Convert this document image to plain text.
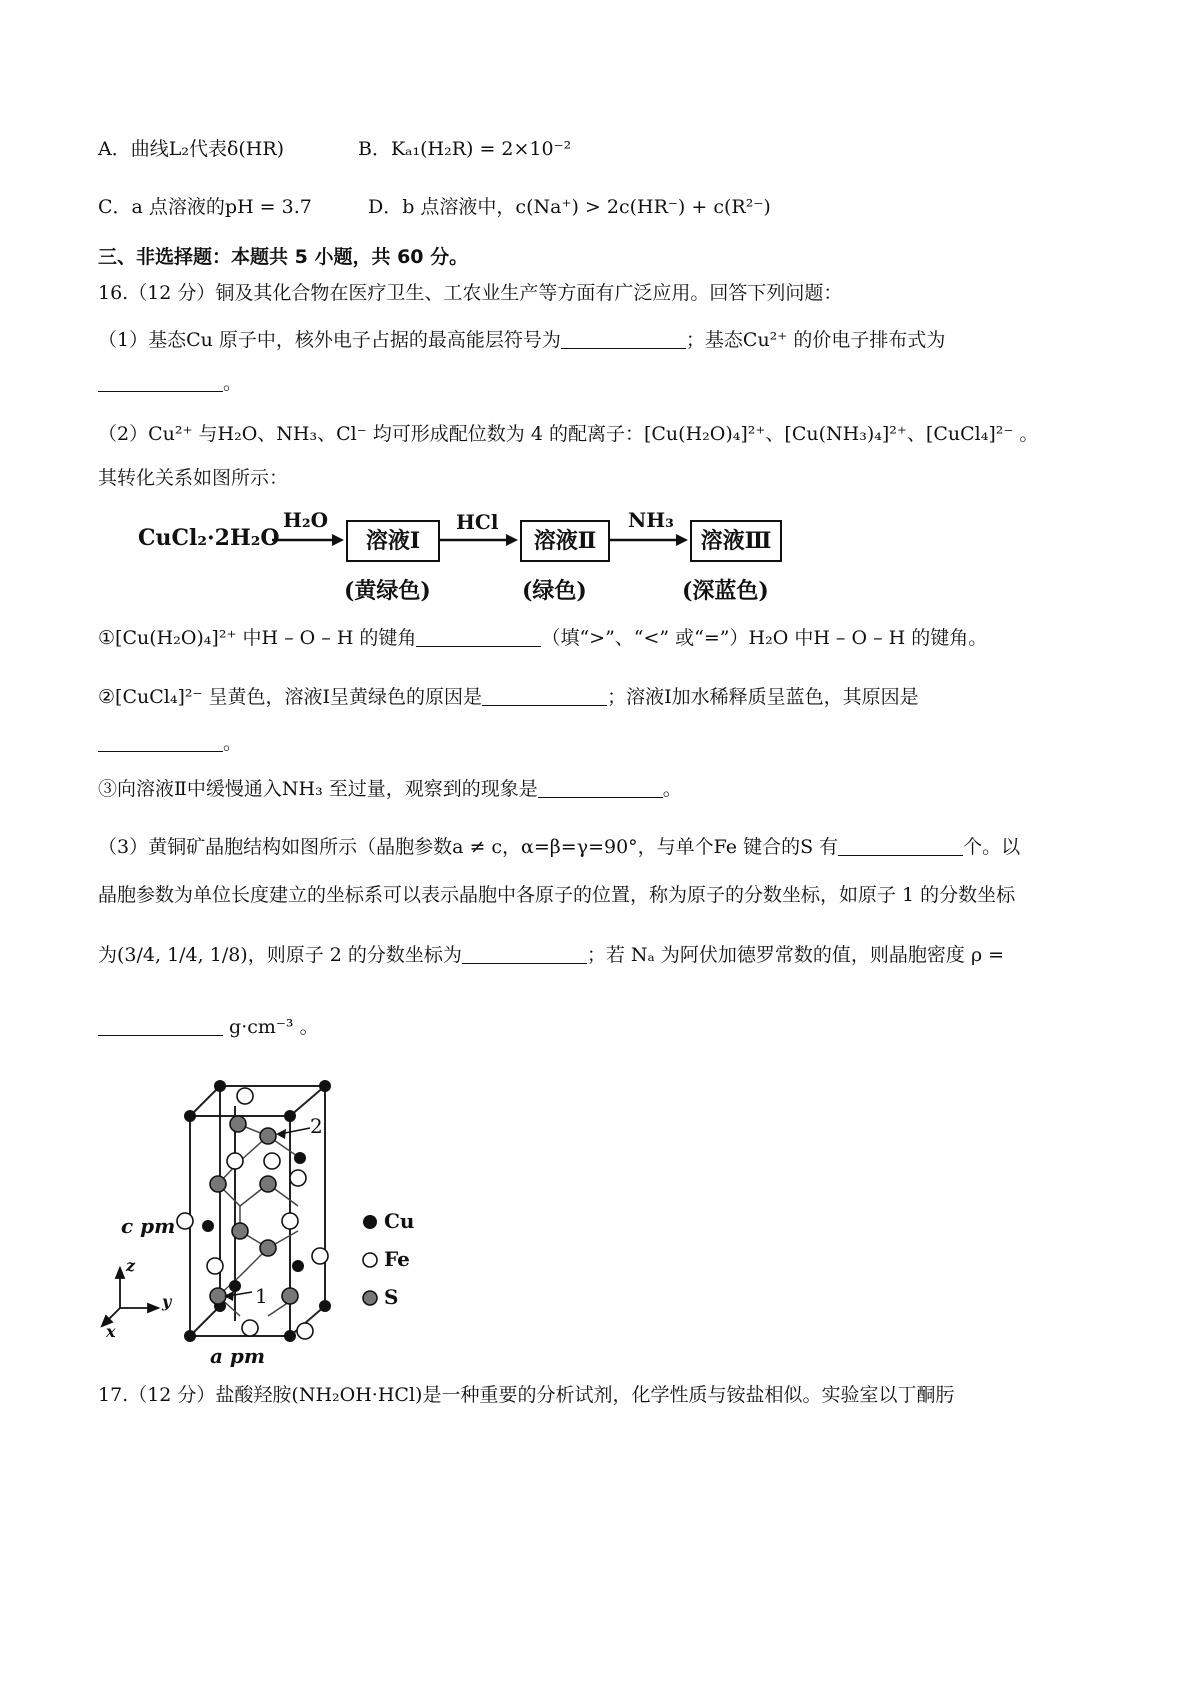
A．曲线L₂代表δ(HR)	B．Kₐ₁(H₂R) = 2×10⁻²
C．a 点溶液的pH = 3.7	D．b 点溶液中，c(Na⁺) > 2c(HR⁻) + c(R²⁻)
三、非选择题：本题共 5 小题，共 60 分。
16.（12 分）铜及其化合物在医疗卫生、工农业生产等方面有广泛应用。回答下列问题：
（1）基态Cu 原子中，核外电子占据的最高能层符号为	；基态Cu²⁺ 的价电子排布式为
。
（2）Cu²⁺ 与H₂O、NH₃、Cl⁻ 均可形成配位数为 4 的配离子：[Cu(H₂O)₄]²⁺、[Cu(NH₃)₄]²⁺、[CuCl₄]²⁻ 。
其转化关系如图所示：
CuCl₂·2H₂O
H₂O	HCl	NH₃
溶液Ⅰ	溶液Ⅱ	溶液Ⅲ
(黄绿色)	(绿色)	(深蓝色)
①[Cu(H₂O)₄]²⁺ 中H – O – H 的键角	（填“>”、“<” 或“=”）H₂O 中H – O – H 的键角。
②[CuCl₄]²⁻ 呈黄色，溶液Ⅰ呈黄绿色的原因是	；溶液Ⅰ加水稀释质呈蓝色，其原因是
。
③向溶液Ⅱ中缓慢通入NH₃ 至过量，观察到的现象是	。
（3）黄铜矿晶胞结构如图所示（晶胞参数a ≠ c，α=β=γ=90°，与单个Fe 键合的S 有	个。以
晶胞参数为单位长度建立的坐标系可以表示晶胞中各原子的位置，称为原子的分数坐标，如原子 1 的分数坐标
为(3/4, 1/4, 1/8)，则原子 2 的分数坐标为	；若 Nₐ 为阿伏加德罗常数的值，则晶胞密度 ρ =
g·cm⁻³ 。
c pm
a pm
2
1
z
y
x
Cu
Fe
S
17.（12 分）盐酸羟胺(NH₂OH·HCl)是一种重要的分析试剂，化学性质与铵盐相似。实验室以丁酮肟
